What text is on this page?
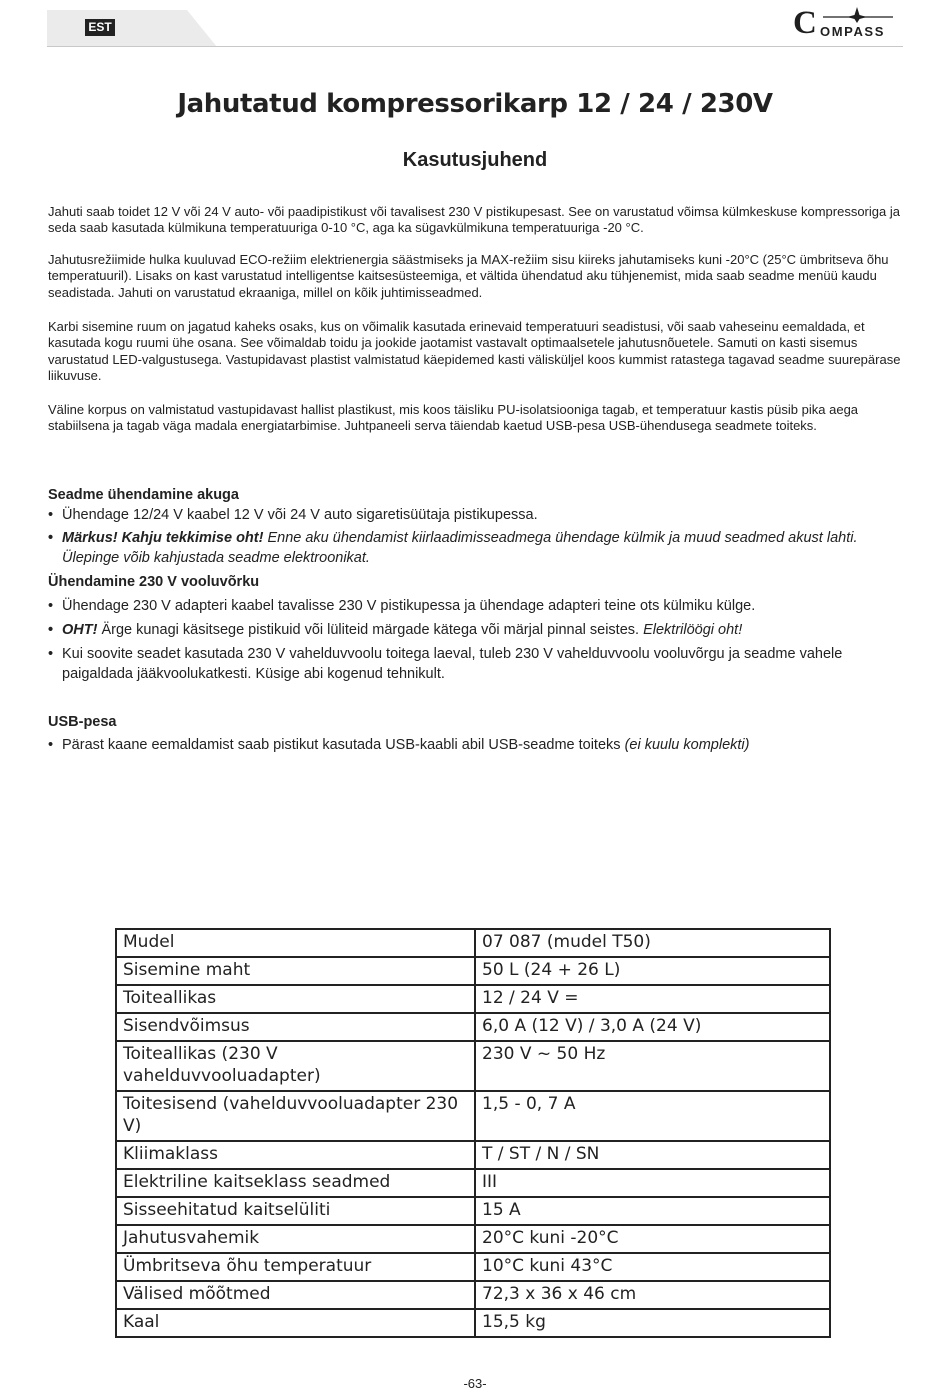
EST	C OMPASS
Jahutatud kompressorikarp 12 / 24 / 230V
Kasutusjuhend

Jahuti saab toidet 12 V või 24 V auto- või paadipistikust või tavalisest 230 V pistikupesast. See on varustatud võimsa külmkeskuse kompressoriga ja seda saab kasutada külmikuna temperatuuriga 0-10 °C, aga ka sügavkülmikuna temperatuuriga -20 °C.

Jahutusrežiimide hulka kuuluvad ECO-režiim elektrienergia säästmiseks ja MAX-režiim sisu kiireks jahutamiseks kuni -20°C (25°C ümbritseva õhu temperatuuril). Lisaks on kast varustatud intelligentse kaitsesüsteemiga, et vältida ühendatud aku tühjenemist, mida saab seadme menüü kaudu seadistada. Jahuti on varustatud ekraaniga, millel on kõik juhtimisseadmed.

Karbi sisemine ruum on jagatud kaheks osaks, kus on võimalik kasutada erinevaid temperatuuri seadistusi, või saab vaheseinu eemaldada, et kasutada kogu ruumi ühe osana. See võimaldab toidu ja jookide jaotamist vastavalt optimaalsetele jahutusnõuetele. Samuti on kasti sisemus varustatud LED-valgustusega. Vastupidavast plastist valmistatud käepidemed kasti välisküljel koos kummist ratastega tagavad seadme suurepärase liikuvuse.

Väline korpus on valmistatud vastupidavast hallist plastikust, mis koos täisliku PU-isolatsiooniga tagab, et temperatuur kastis püsib pika aega stabiilsena ja tagab väga madala energiatarbimise. Juhtpaneeli serva täiendab kaetud USB-pesa USB-ühendusega seadmete toiteks.

Seadme ühendamine akuga
• Ühendage 12/24 V kaabel 12 V või 24 V auto sigaretisüütaja pistikupessa.
• Märkus! Kahju tekkimise oht! Enne aku ühendamist kiirlaadimisseadmega ühendage külmik ja muud seadmed akust lahti. Ülepinge võib kahjustada seadme elektroonikat.
Ühendamine 230 V vooluvõrku
• Ühendage 230 V adapteri kaabel tavalisse 230 V pistikupessa ja ühendage adapteri teine ots külmiku külge.
• OHT! Ärge kunagi käsitsege pistikuid või lüliteid märgade kätega või märjal pinnal seistes. Elektrilöögi oht!
• Kui soovite seadet kasutada 230 V vahelduvvoolu toitega laeval, tuleb 230 V vahelduvvoolu vooluvõrgu ja seadme vahele paigaldada jääkvoolukatkesti. Küsige abi kogenud tehnikult.
USB-pesa
• Pärast kaane eemaldamist saab pistikut kasutada USB-kaabli abil USB-seadme toiteks (ei kuulu komplekti)
Mudel	07 087 (mudel T50)
Sisemine maht	50 L (24 + 26 L)
Toiteallikas	12 / 24 V =
Sisendvõimsus	6,0 A (12 V) / 3,0 A (24 V)
Toiteallikas (230 V vahelduvvooluadapter)	230 V ~ 50 Hz
Toitesisend (vahelduvvooluadapter 230 V)	1,5 - 0, 7 A
Kliimaklass	T / ST / N / SN
Elektriline kaitseklass seadmed	III
Sisseehitatud kaitselüliti	15 A
Jahutusvahemik	20°C kuni -20°C
Ümbritseva õhu temperatuur	10°C kuni 43°C
Välised mõõtmed	72,3 x 36 x 46 cm
Kaal	15,5 kg
-63-
